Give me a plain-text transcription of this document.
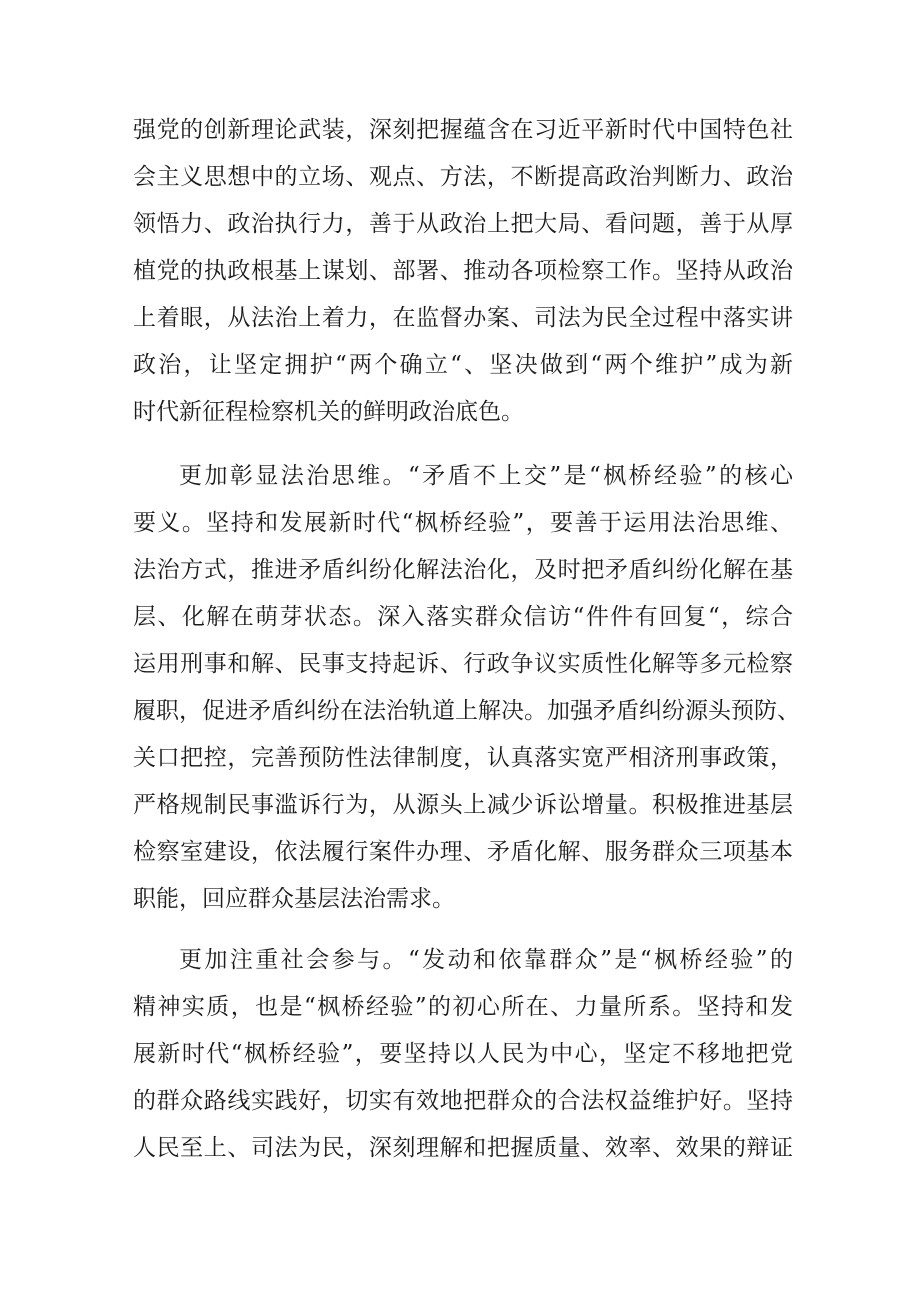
强党的创新理论武装，深刻把握蕴含在习近平新时代中国特色社
会主义思想中的立场、观点、方法，不断提高政治判断力、政治
领悟力、政治执行力，善于从政治上把大局、看问题，善于从厚
植党的执政根基上谋划、部署、推动各项检察工作。坚持从政治
上着眼，从法治上着力，在监督办案、司法为民全过程中落实讲
政治，让坚定拥护“两个确立“、坚决做到“两个维护”成为新
时代新征程检察机关的鲜明政治底色。
更加彰显法治思维。“矛盾不上交”是“枫桥经验”的核心
要义。坚持和发展新时代“枫桥经验”，要善于运用法治思维、
法治方式，推进矛盾纠纷化解法治化，及时把矛盾纠纷化解在基
层、化解在萌芽状态。深入落实群众信访“件件有回复“，综合
运用刑事和解、民事支持起诉、行政争议实质性化解等多元检察
履职，促进矛盾纠纷在法治轨道上解决。加强矛盾纠纷源头预防、
关口把控，完善预防性法律制度，认真落实宽严相济刑事政策，
严格规制民事滥诉行为，从源头上减少诉讼增量。积极推进基层
检察室建设，依法履行案件办理、矛盾化解、服务群众三项基本
职能，回应群众基层法治需求。
更加注重社会参与。“发动和依靠群众”是“枫桥经验”的
精神实质，也是“枫桥经验”的初心所在、力量所系。坚持和发
展新时代“枫桥经验”，要坚持以人民为中心，坚定不移地把党
的群众路线实践好，切实有效地把群众的合法权益维护好。坚持
人民至上、司法为民，深刻理解和把握质量、效率、效果的辩证
